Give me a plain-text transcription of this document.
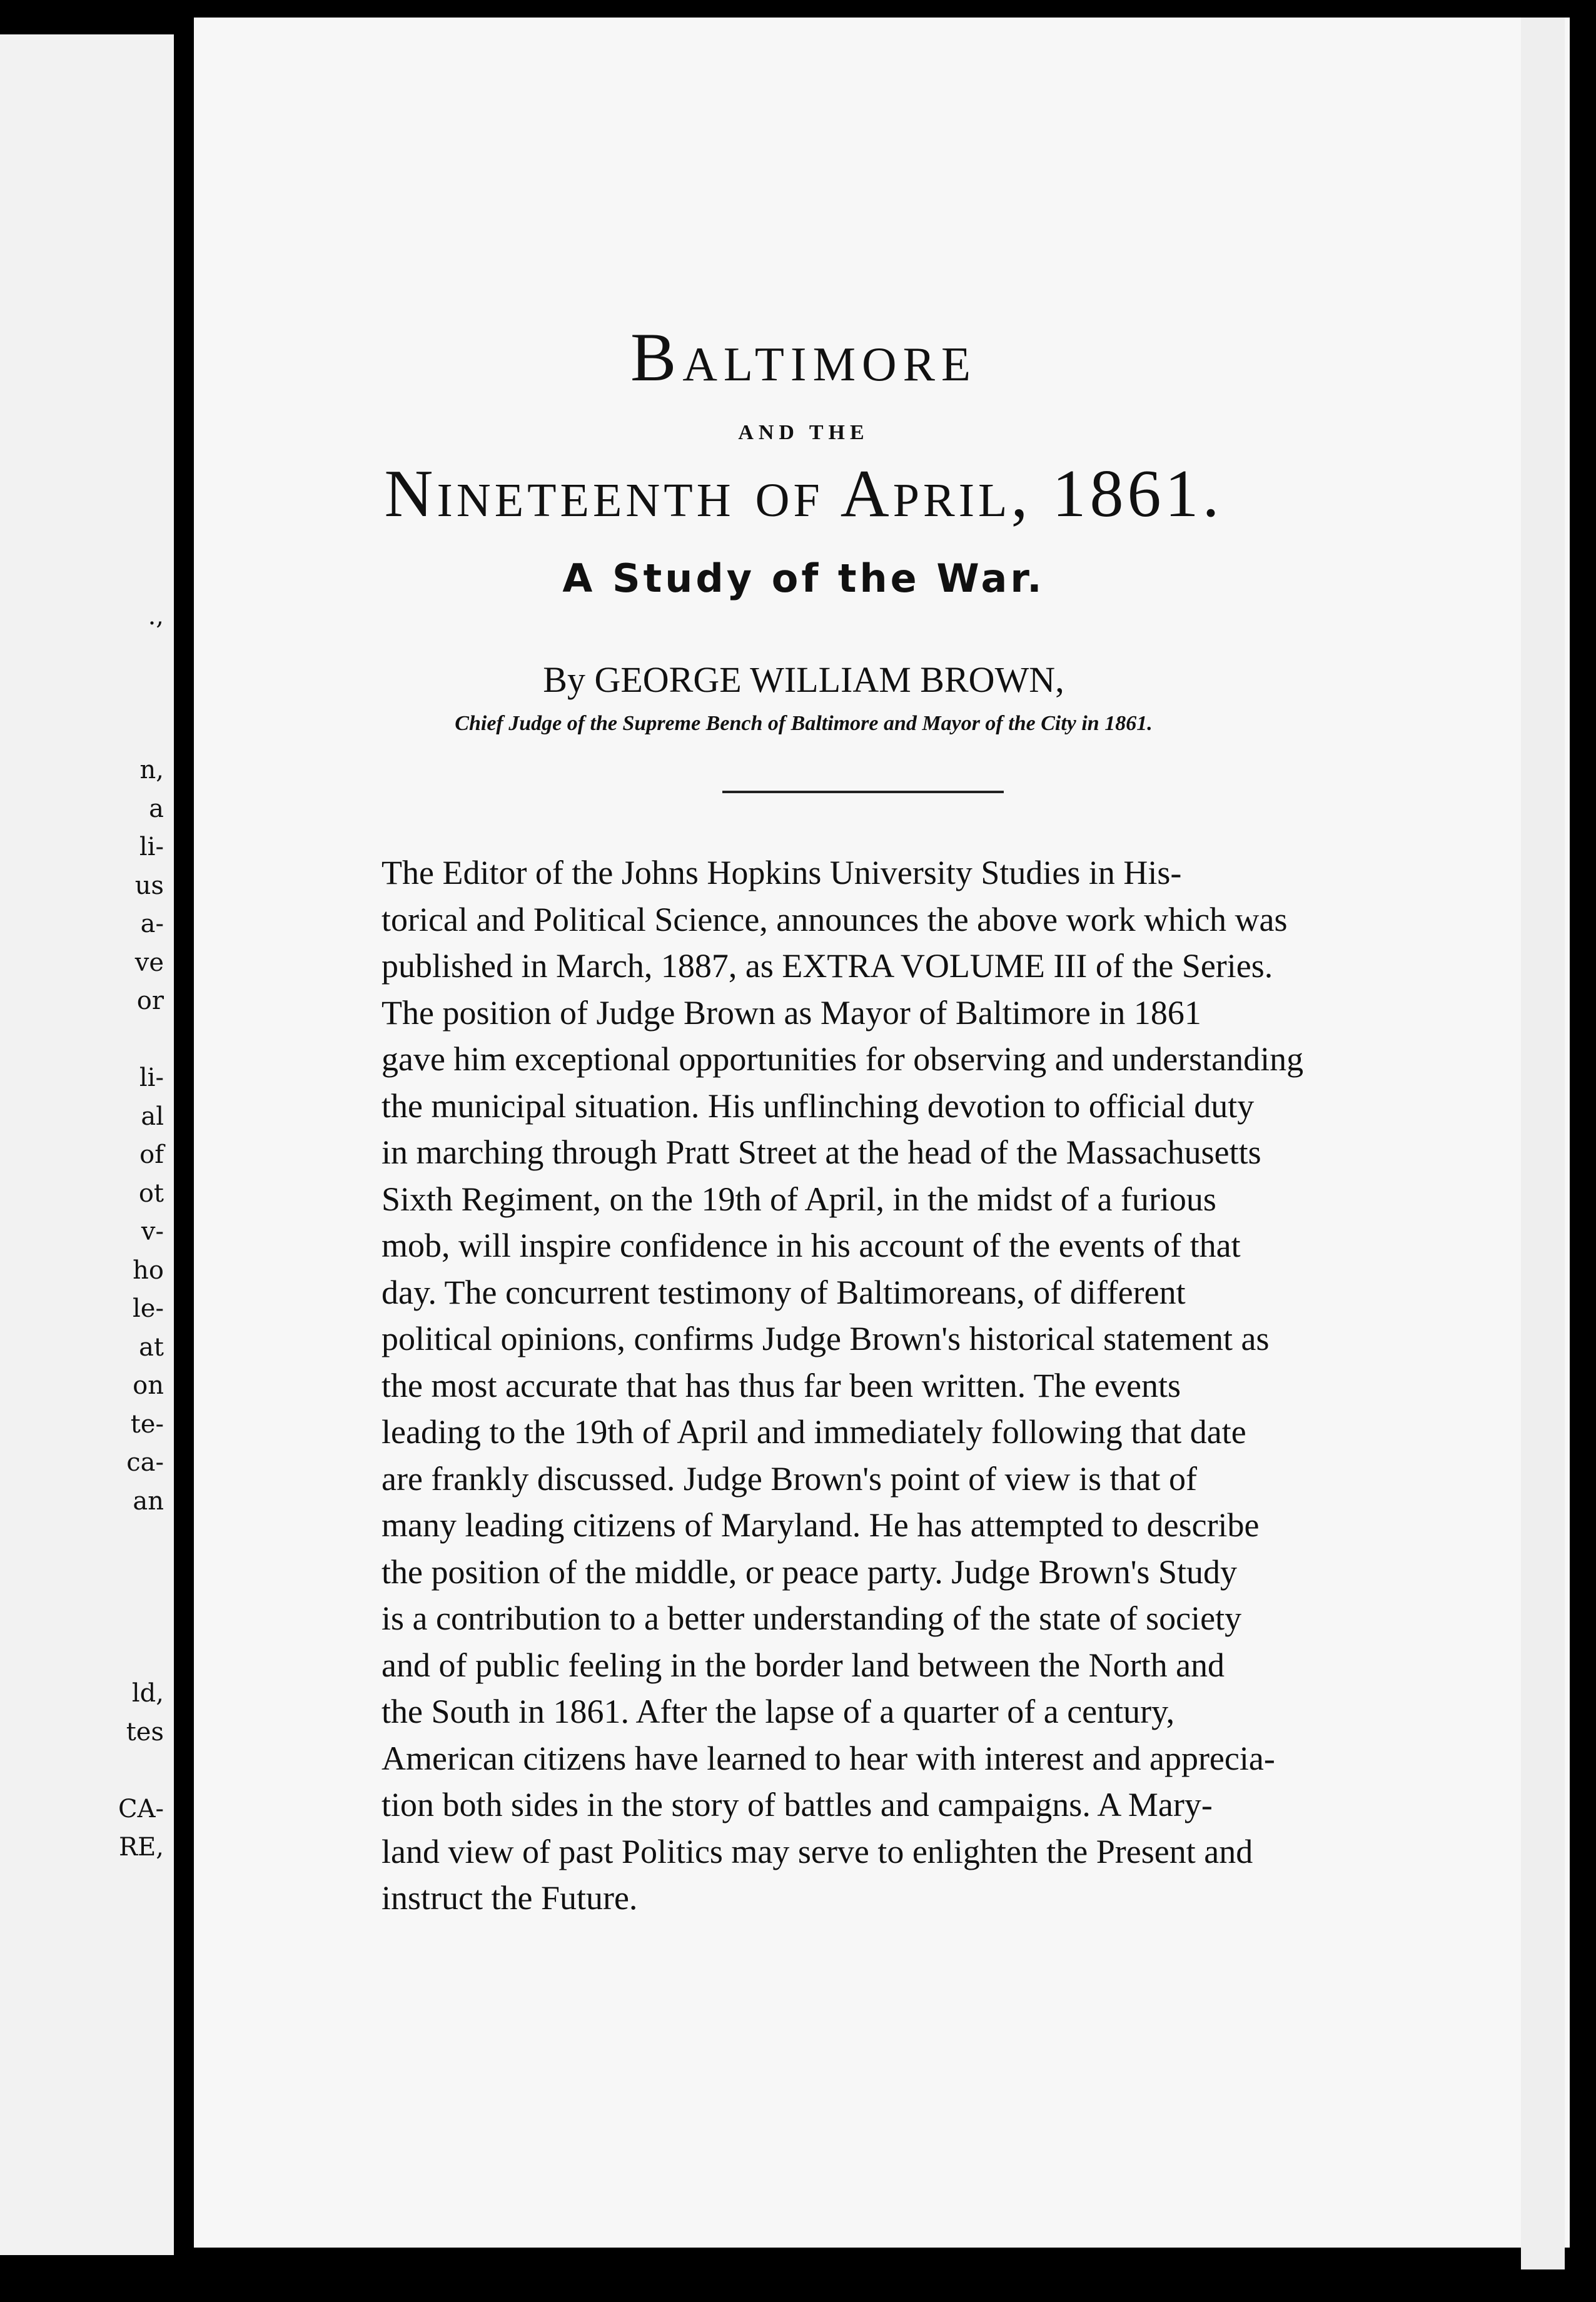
.,
n,
a
li-
us
a-
ve
or
li-
al
of
ot
v-
ho
le-
at
on
te-
ca-
an
ld,
tes
CA-
RE,
Baltimore
AND THE
Nineteenth of April, 1861.
A Study of the War.
By GEORGE WILLIAM BROWN,
Chief Judge of the Supreme Bench of Baltimore and Mayor of the City in 1861.
The Editor of the Johns Hopkins University Studies in His-
torical and Political Science, announces the above work which was
published in March, 1887, as EXTRA VOLUME III of the Series.
The position of Judge Brown as Mayor of Baltimore in 1861
gave him exceptional opportunities for observing and understanding
the municipal situation. His unflinching devotion to official duty
in marching through Pratt Street at the head of the Massachusetts
Sixth Regiment, on the 19th of April, in the midst of a furious
mob, will inspire confidence in his account of the events of that
day. The concurrent testimony of Baltimoreans, of different
political opinions, confirms Judge Brown's historical statement as
the most accurate that has thus far been written. The events
leading to the 19th of April and immediately following that date
are frankly discussed. Judge Brown's point of view is that of
many leading citizens of Maryland. He has attempted to describe
the position of the middle, or peace party. Judge Brown's Study
is a contribution to a better understanding of the state of society
and of public feeling in the border land between the North and
the South in 1861. After the lapse of a quarter of a century,
American citizens have learned to hear with interest and apprecia-
tion both sides in the story of battles and campaigns. A Mary-
land view of past Politics may serve to enlighten the Present and
instruct the Future.
